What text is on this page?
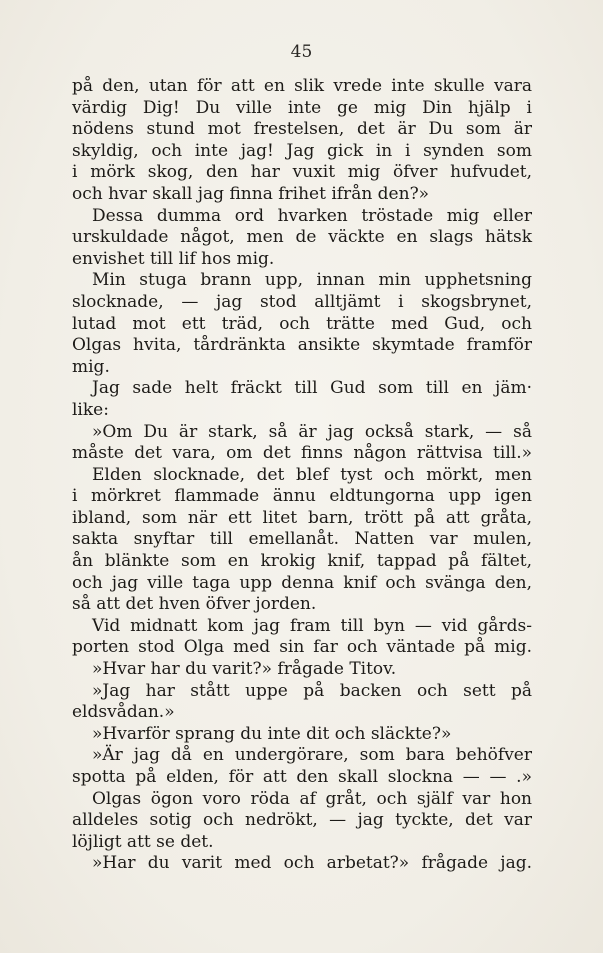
45
på den, utan för att en slik vrede inte skulle vara
värdig Dig! Du ville inte ge mig Din hjälp i
nödens stund mot frestelsen, det är Du som är
skyldig, och inte jag! Jag gick in i synden som
i mörk skog, den har vuxit mig öfver hufvudet,
och hvar skall jag finna frihet ifrån den?»
Dessa dumma ord hvarken tröstade mig eller
urskuldade något, men de väckte en slags hätsk
envishet till lif hos mig.
Min stuga brann upp, innan min upphetsning
slocknade, — jag stod alltjämt i skogsbrynet,
lutad mot ett träd, och trätte med Gud, och
Olgas hvita, tårdränkta ansikte skymtade framför
mig.
Jag sade helt fräckt till Gud som till en jäm·
like:
»Om Du är stark, så är jag också stark, — så
måste det vara, om det finns någon rättvisa till.»
Elden slocknade, det blef tyst och mörkt, men
i mörkret flammade ännu eldtungorna upp igen
ibland, som när ett litet barn, trött på att gråta,
sakta snyftar till emellanåt. Natten var mulen,
ån blänkte som en krokig knif, tappad på fältet,
och jag ville taga upp denna knif och svänga den,
så att det hven öfver jorden.
Vid midnatt kom jag fram till byn — vid gårds-
porten stod Olga med sin far och väntade på mig.
»Hvar har du varit?» frågade Titov.
»Jag har stått uppe på backen och sett på
eldsvådan.»
»Hvarför sprang du inte dit och släckte?»
»Är jag då en undergörare, som bara behöfver
spotta på elden, för att den skall slockna — — .»
Olgas ögon voro röda af gråt, och själf var hon
alldeles sotig och nedrökt, — jag tyckte, det var
löjligt att se det.
»Har du varit med och arbetat?» frågade jag.
